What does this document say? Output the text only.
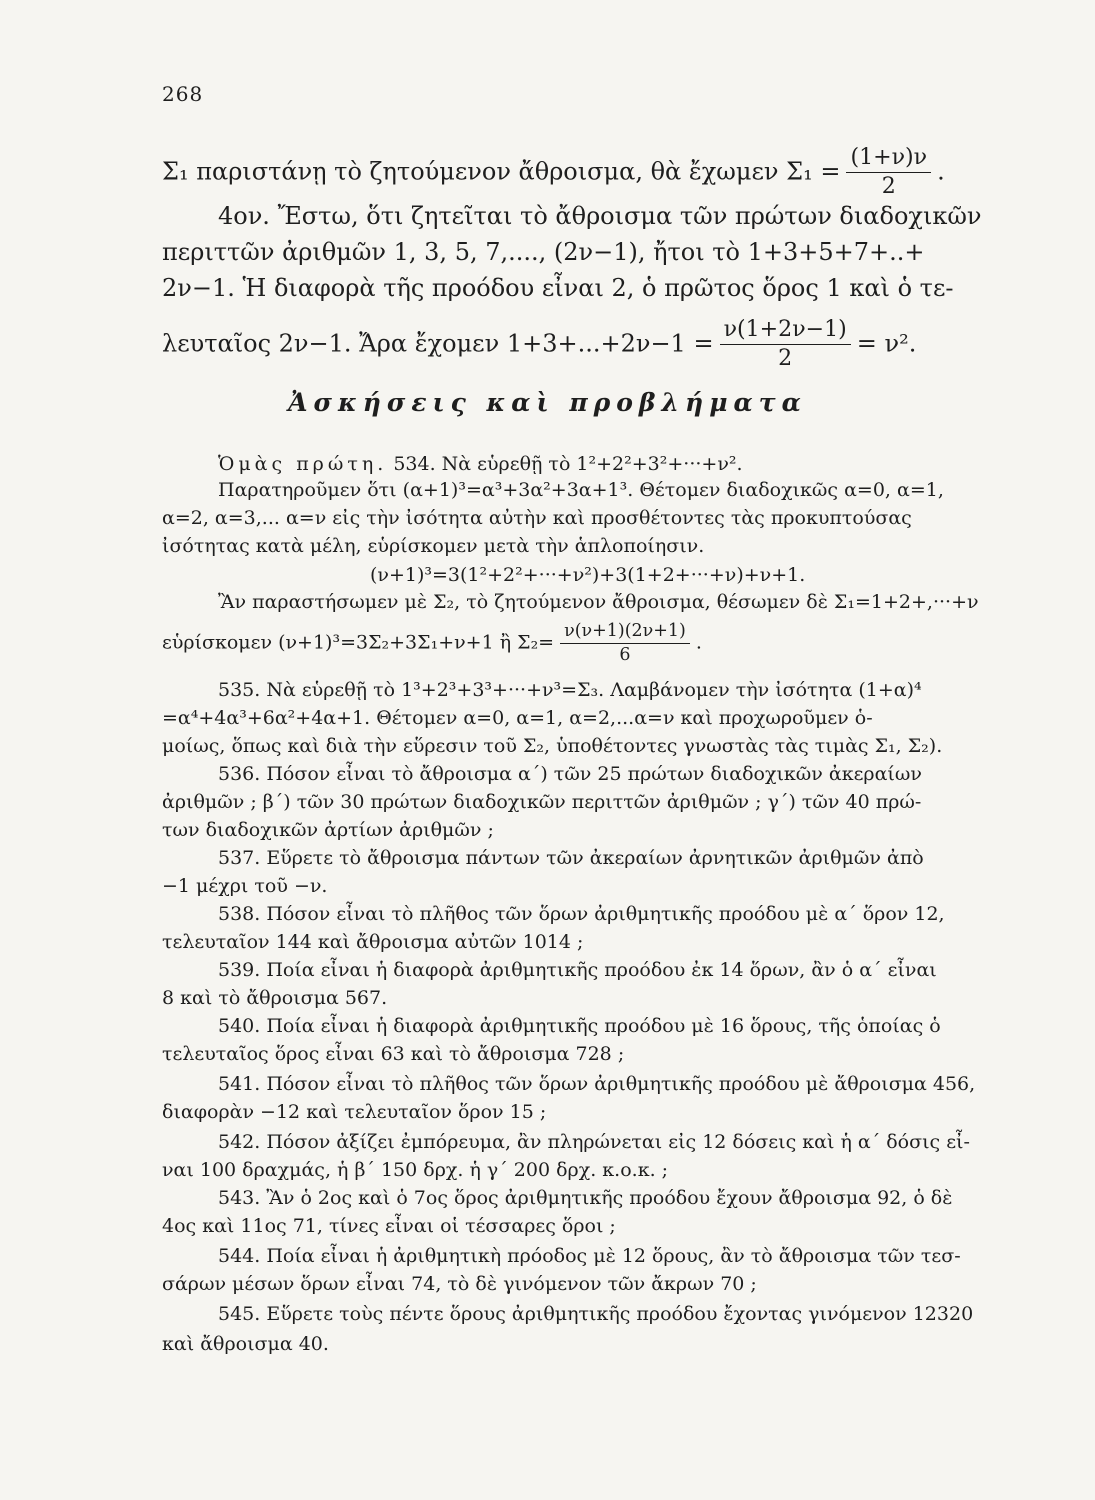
268
Σ₁ παριστάνῃ τὸ ζητούμενον ἄθροισμα, θὰ ἔχωμεν $\Sigma_1 = \frac{(1+\nu)\nu}{2}$ .
4ον. Ἔστω, ὅτι ζητεῖται τὸ ἄθροισμα τῶν πρώτων διαδοχικῶν
περιττῶν ἀριθμῶν 1, 3, 5, 7,...., (2ν−1), ἤτοι τὸ 1+3+5+7+..+
2ν−1. Ἡ διαφορὰ τῆς προόδου εἶναι 2, ὁ πρῶτος ὅρος 1 καὶ ὁ τε-
λευταῖος 2ν−1. Ἄρα ἔχομεν $1+3+...+2\nu-1 = \frac{\nu(1+2\nu-1)}{2} = \nu^2$.
Ἀσκήσεις καὶ προβλήματα
Ὁμὰς πρώτη. 534. Νὰ εὑρεθῇ τὸ 1²+2²+3²+···+ν².
Παρατηροῦμεν ὅτι (α+1)³=α³+3α²+3α+1³. Θέτομεν διαδοχικῶς α=0, α=1,
α=2, α=3,... α=ν εἰς τὴν ἰσότητα αὐτὴν καὶ προσθέτοντες τὰς προκυπτούσας
ἰσότητας κατὰ μέλη, εὑρίσκομεν μετὰ τὴν ἁπλοποίησιν.
(ν+1)³=3(1²+2²+···+ν²)+3(1+2+···+ν)+ν+1.
Ἂν παραστήσωμεν μὲ Σ₂, τὸ ζητούμενον ἄθροισμα, θέσωμεν δὲ Σ₁=1+2+,···+ν
εὑρίσκομεν (ν+1)³=3Σ₂+3Σ₁+ν+1 ἢ $\Sigma_2= \frac{\nu(\nu+1)(2\nu+1)}{6}$ .
535. Νὰ εὑρεθῇ τὸ 1³+2³+3³+···+ν³=Σ₃. Λαμβάνομεν τὴν ἰσότητα (1+α)⁴
=α⁴+4α³+6α²+4α+1. Θέτομεν α=0, α=1, α=2,...α=ν καὶ προχωροῦμεν ὁ-
μοίως, ὅπως καὶ διὰ τὴν εὕρεσιν τοῦ Σ₂, ὑποθέτοντες γνωστὰς τὰς τιμὰς Σ₁, Σ₂).
536. Πόσον εἶναι τὸ ἄθροισμα α΄) τῶν 25 πρώτων διαδοχικῶν ἀκεραίων
ἀριθμῶν ; β΄) τῶν 30 πρώτων διαδοχικῶν περιττῶν ἀριθμῶν ; γ΄) τῶν 40 πρώ-
των διαδοχικῶν ἀρτίων ἀριθμῶν ;
537. Εὕρετε τὸ ἄθροισμα πάντων τῶν ἀκεραίων ἀρνητικῶν ἀριθμῶν ἀπὸ
−1 μέχρι τοῦ −ν.
538. Πόσον εἶναι τὸ πλῆθος τῶν ὅρων ἀριθμητικῆς προόδου μὲ α΄ ὅρον 12,
τελευταῖον 144 καὶ ἄθροισμα αὐτῶν 1014 ;
539. Ποία εἶναι ἡ διαφορὰ ἀριθμητικῆς προόδου ἐκ 14 ὅρων, ἂν ὁ α΄ εἶναι
8 καὶ τὸ ἄθροισμα 567.
540. Ποία εἶναι ἡ διαφορὰ ἀριθμητικῆς προόδου μὲ 16 ὅρους, τῆς ὁποίας ὁ
τελευταῖος ὅρος εἶναι 63 καὶ τὸ ἄθροισμα 728 ;
541. Πόσον εἶναι τὸ πλῆθος τῶν ὅρων ἀριθμητικῆς προόδου μὲ ἄθροισμα 456,
διαφορὰν −12 καὶ τελευταῖον ὅρον 15 ;
542. Πόσον ἀξίζει ἐμπόρευμα, ἂν πληρώνεται εἰς 12 δόσεις καὶ ἡ α΄ δόσις εἶ-
ναι 100 δραχμάς, ἡ β΄ 150 δρχ. ἡ γ΄ 200 δρχ. κ.ο.κ. ;
543. Ἂν ὁ 2ος καὶ ὁ 7ος ὅρος ἀριθμητικῆς προόδου ἔχουν ἄθροισμα 92, ὁ δὲ
4ος καὶ 11ος 71, τίνες εἶναι οἱ τέσσαρες ὅροι ;
544. Ποία εἶναι ἡ ἀριθμητικὴ πρόοδος μὲ 12 ὅρους, ἂν τὸ ἄθροισμα τῶν τεσ-
σάρων μέσων ὅρων εἶναι 74, τὸ δὲ γινόμενον τῶν ἄκρων 70 ;
545. Εὕρετε τοὺς πέντε ὅρους ἀριθμητικῆς προόδου ἔχοντας γινόμενον 12320
καὶ ἄθροισμα 40.
